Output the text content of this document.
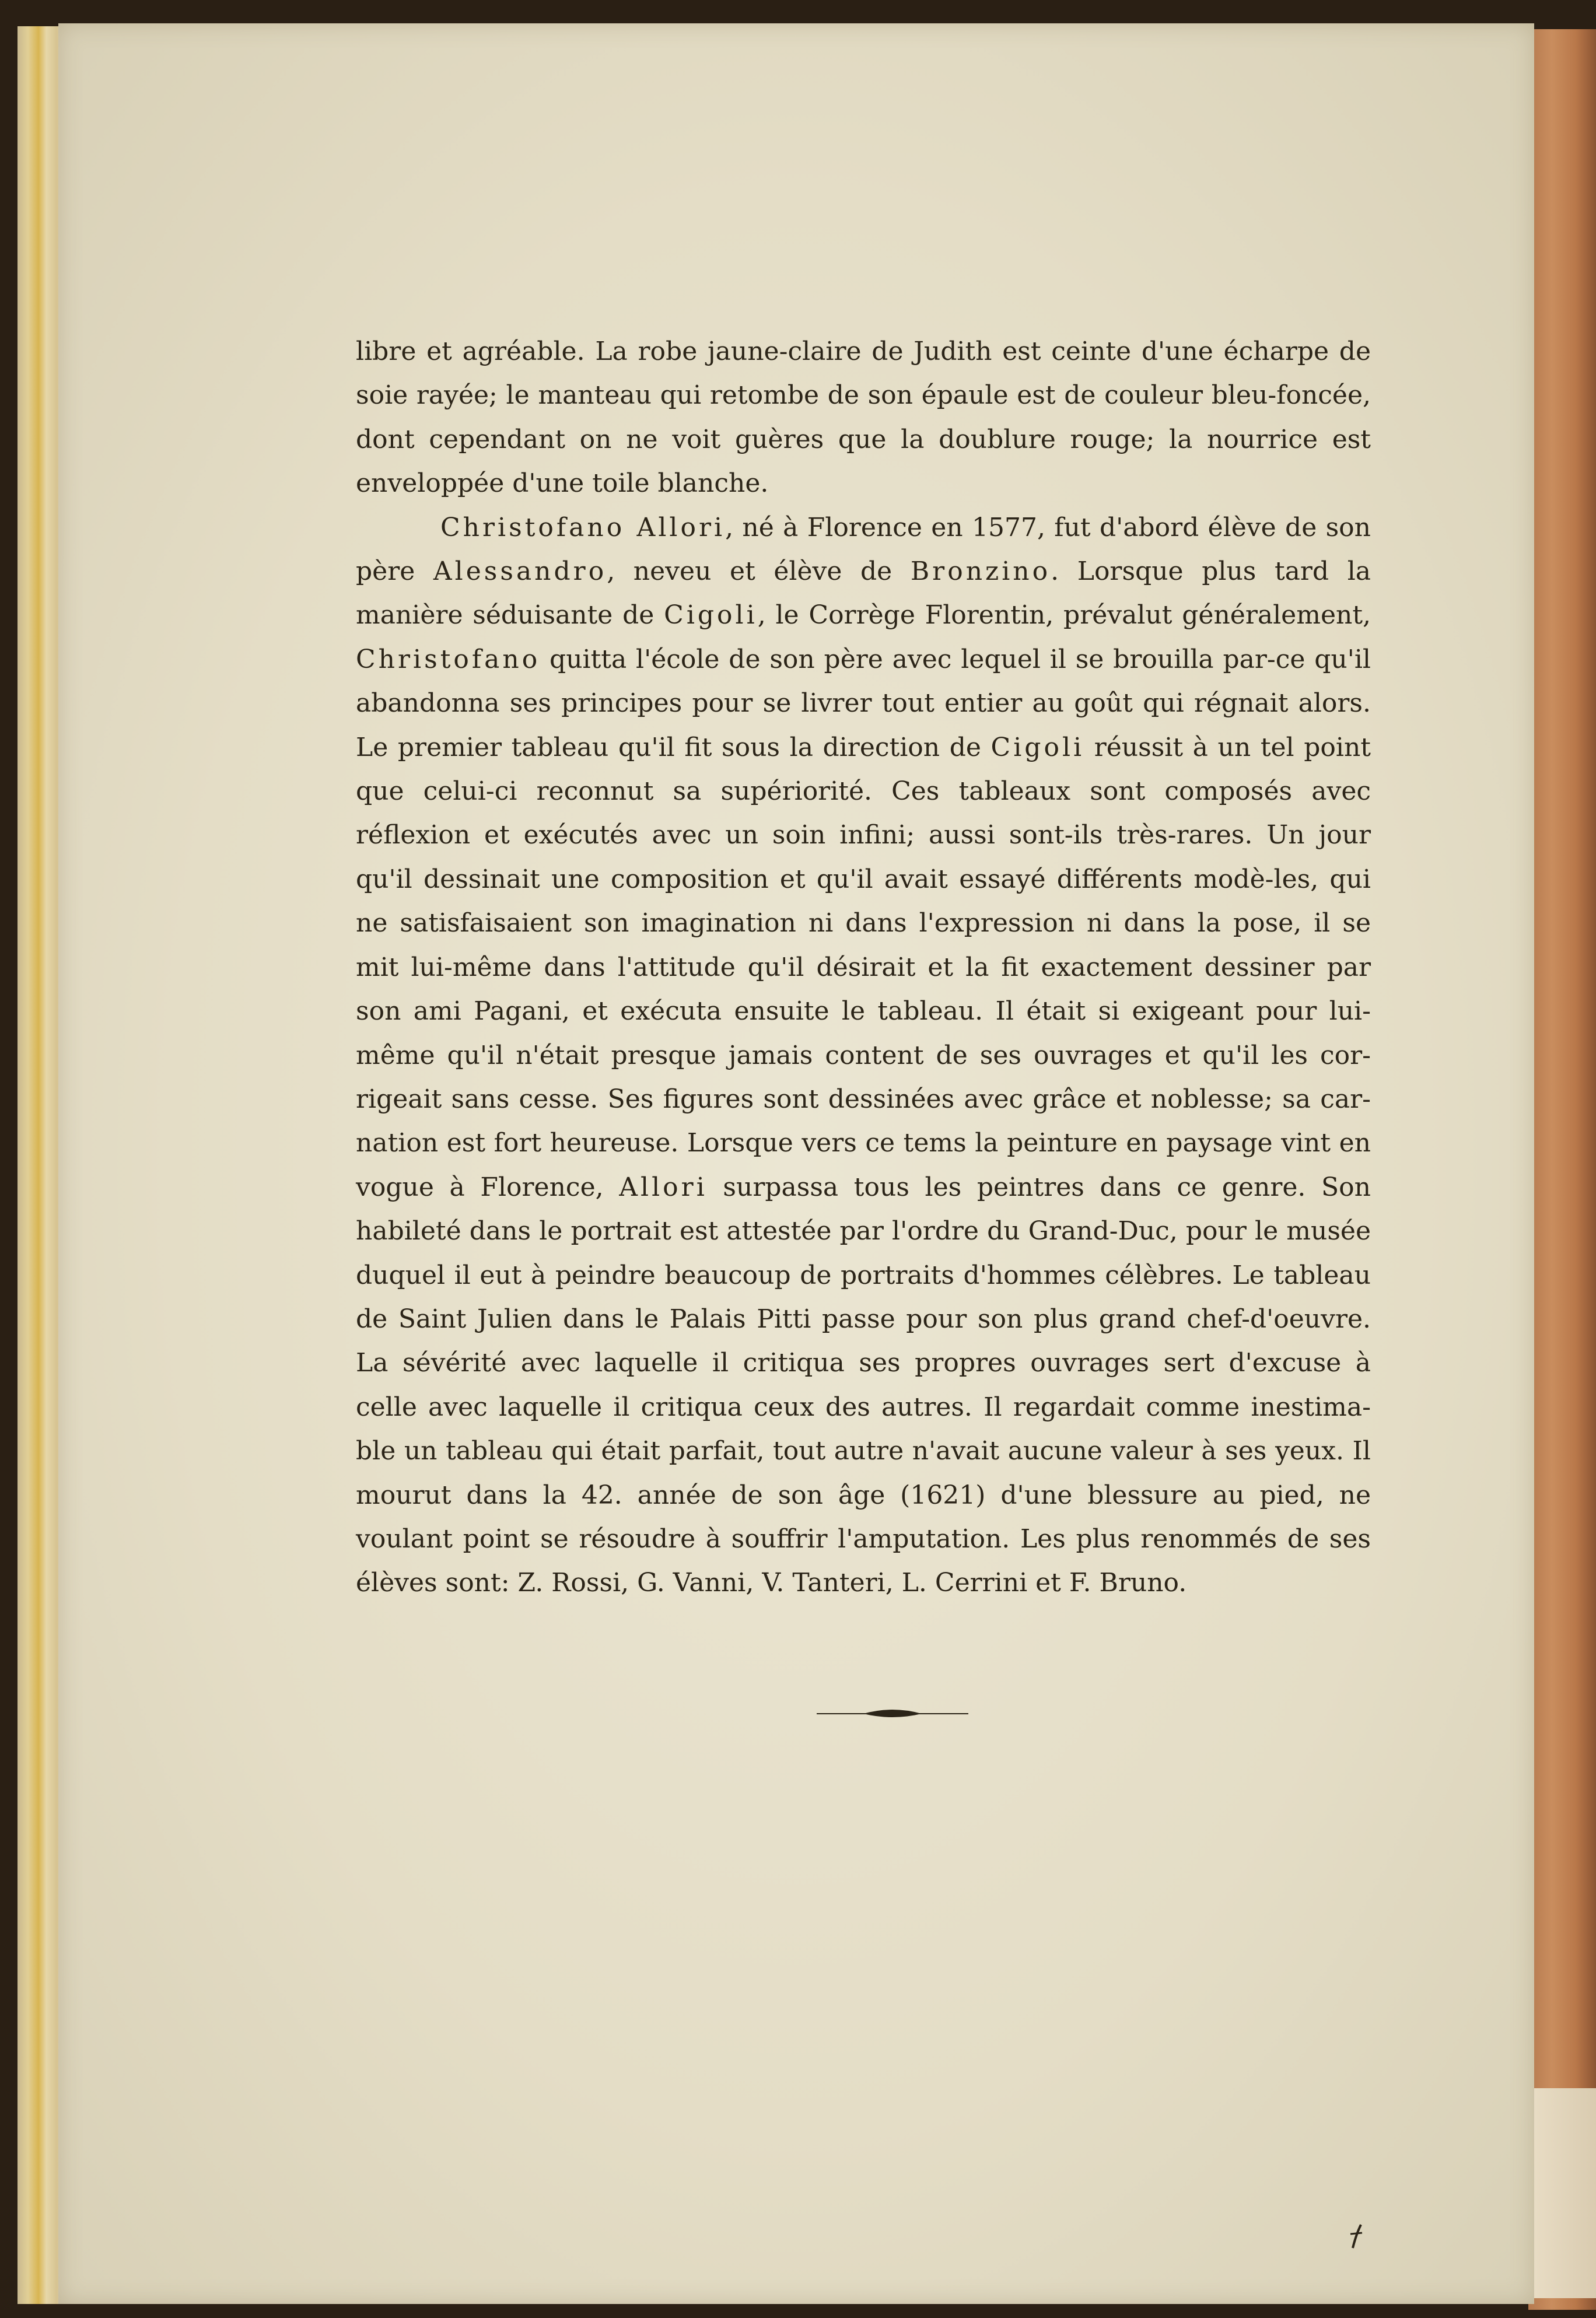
libre et agréable. La robe jaune-claire de Judith est ceinte d'une écharpe de soie rayée; le manteau qui retombe de son épaule est de couleur bleu-foncée, dont cependant on ne voit guères que la doublure rouge; la nourrice est enveloppée d'une toile blanche.

Christofano Allori, né à Florence en 1577, fut d'abord élève de son père Alessandro, neveu et élève de Bronzino. Lorsque plus tard la manière séduisante de Cigoli, le Corrège Florentin, prévalut généralement, Christofano quitta l'école de son père avec lequel il se brouilla par-ce qu'il abandonna ses principes pour se livrer tout entier au goût qui régnait alors. Le premier tableau qu'il fit sous la direction de Cigoli réussit à un tel point que celui-ci reconnut sa supériorité. Ces tableaux sont composés avec réflexion et exécutés avec un soin infini; aussi sont-ils très-rares. Un jour qu'il dessinait une composition et qu'il avait essayé différents modè-les, qui ne satisfaisaient son imagination ni dans l'expression ni dans la pose, il se mit lui-même dans l'attitude qu'il désirait et la fit exactement dessiner par son ami Pagani, et exécuta ensuite le tableau. Il était si exigeant pour lui-même qu'il n'était presque jamais content de ses ouvrages et qu'il les cor-rigeait sans cesse. Ses figures sont dessinées avec grâce et noblesse; sa car-nation est fort heureuse. Lorsque vers ce tems la peinture en paysage vint en vogue à Florence, Allori surpassa tous les peintres dans ce genre. Son habileté dans le portrait est attestée par l'ordre du Grand-Duc, pour le musée duquel il eut à peindre beaucoup de portraits d'hommes célèbres. Le tableau de Saint Julien dans le Palais Pitti passe pour son plus grand chef-d'oeuvre. La sévérité avec laquelle il critiqua ses propres ouvrages sert d'excuse à celle avec laquelle il critiqua ceux des autres. Il regardait comme inestima-ble un tableau qui était parfait, tout autre n'avait aucune valeur à ses yeux. Il mourut dans la 42. année de son âge (1621) d'une blessure au pied, ne voulant point se résoudre à souffrir l'amputation. Les plus renommés de ses élèves sont: Z. Rossi, G. Vanni, V. Tanteri, L. Cerrini et F. Bruno.
